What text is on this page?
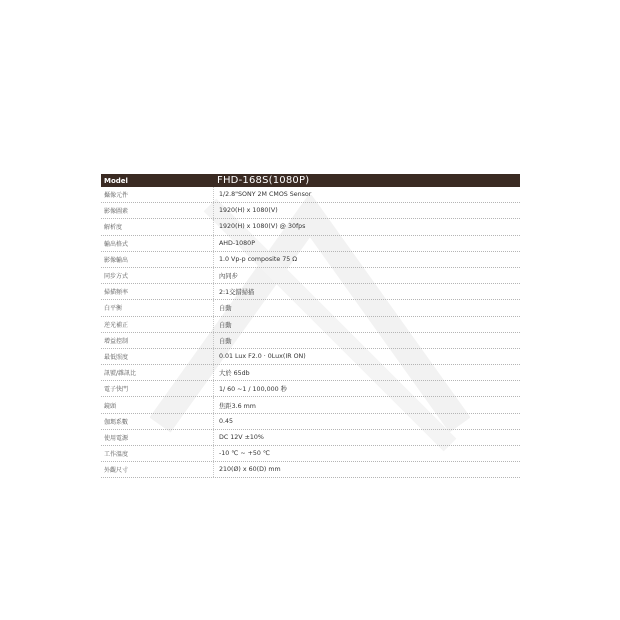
Model	FHD-168S(1080P)
攝像元件	1/2.8"SONY 2M CMOS Sensor
影像圖素	1920(H) x 1080(V)
解析度	1920(H) x 1080(V) @ 30fps
輸出格式	AHD-1080P
影像輸出	1.0 Vp-p composite 75 Ω
同步方式	內同步
掃描頻率	2:1交錯掃描
白平衡	自動
逆光補正	自動
增益控制	自動
最低照度	0.01 Lux F2.0 · 0Lux(IR ON)
訊號/雜訊比	大於 65db
電子快門	1/ 60 ~1 / 100,000 秒
鏡頭	焦距3.6 mm
伽瑪系數	0.45
使用電源	DC 12V ±10%
工作溫度	-10 ℃ ~ +50 ℃
外觀尺寸	210(Ø) x 60(D) mm
